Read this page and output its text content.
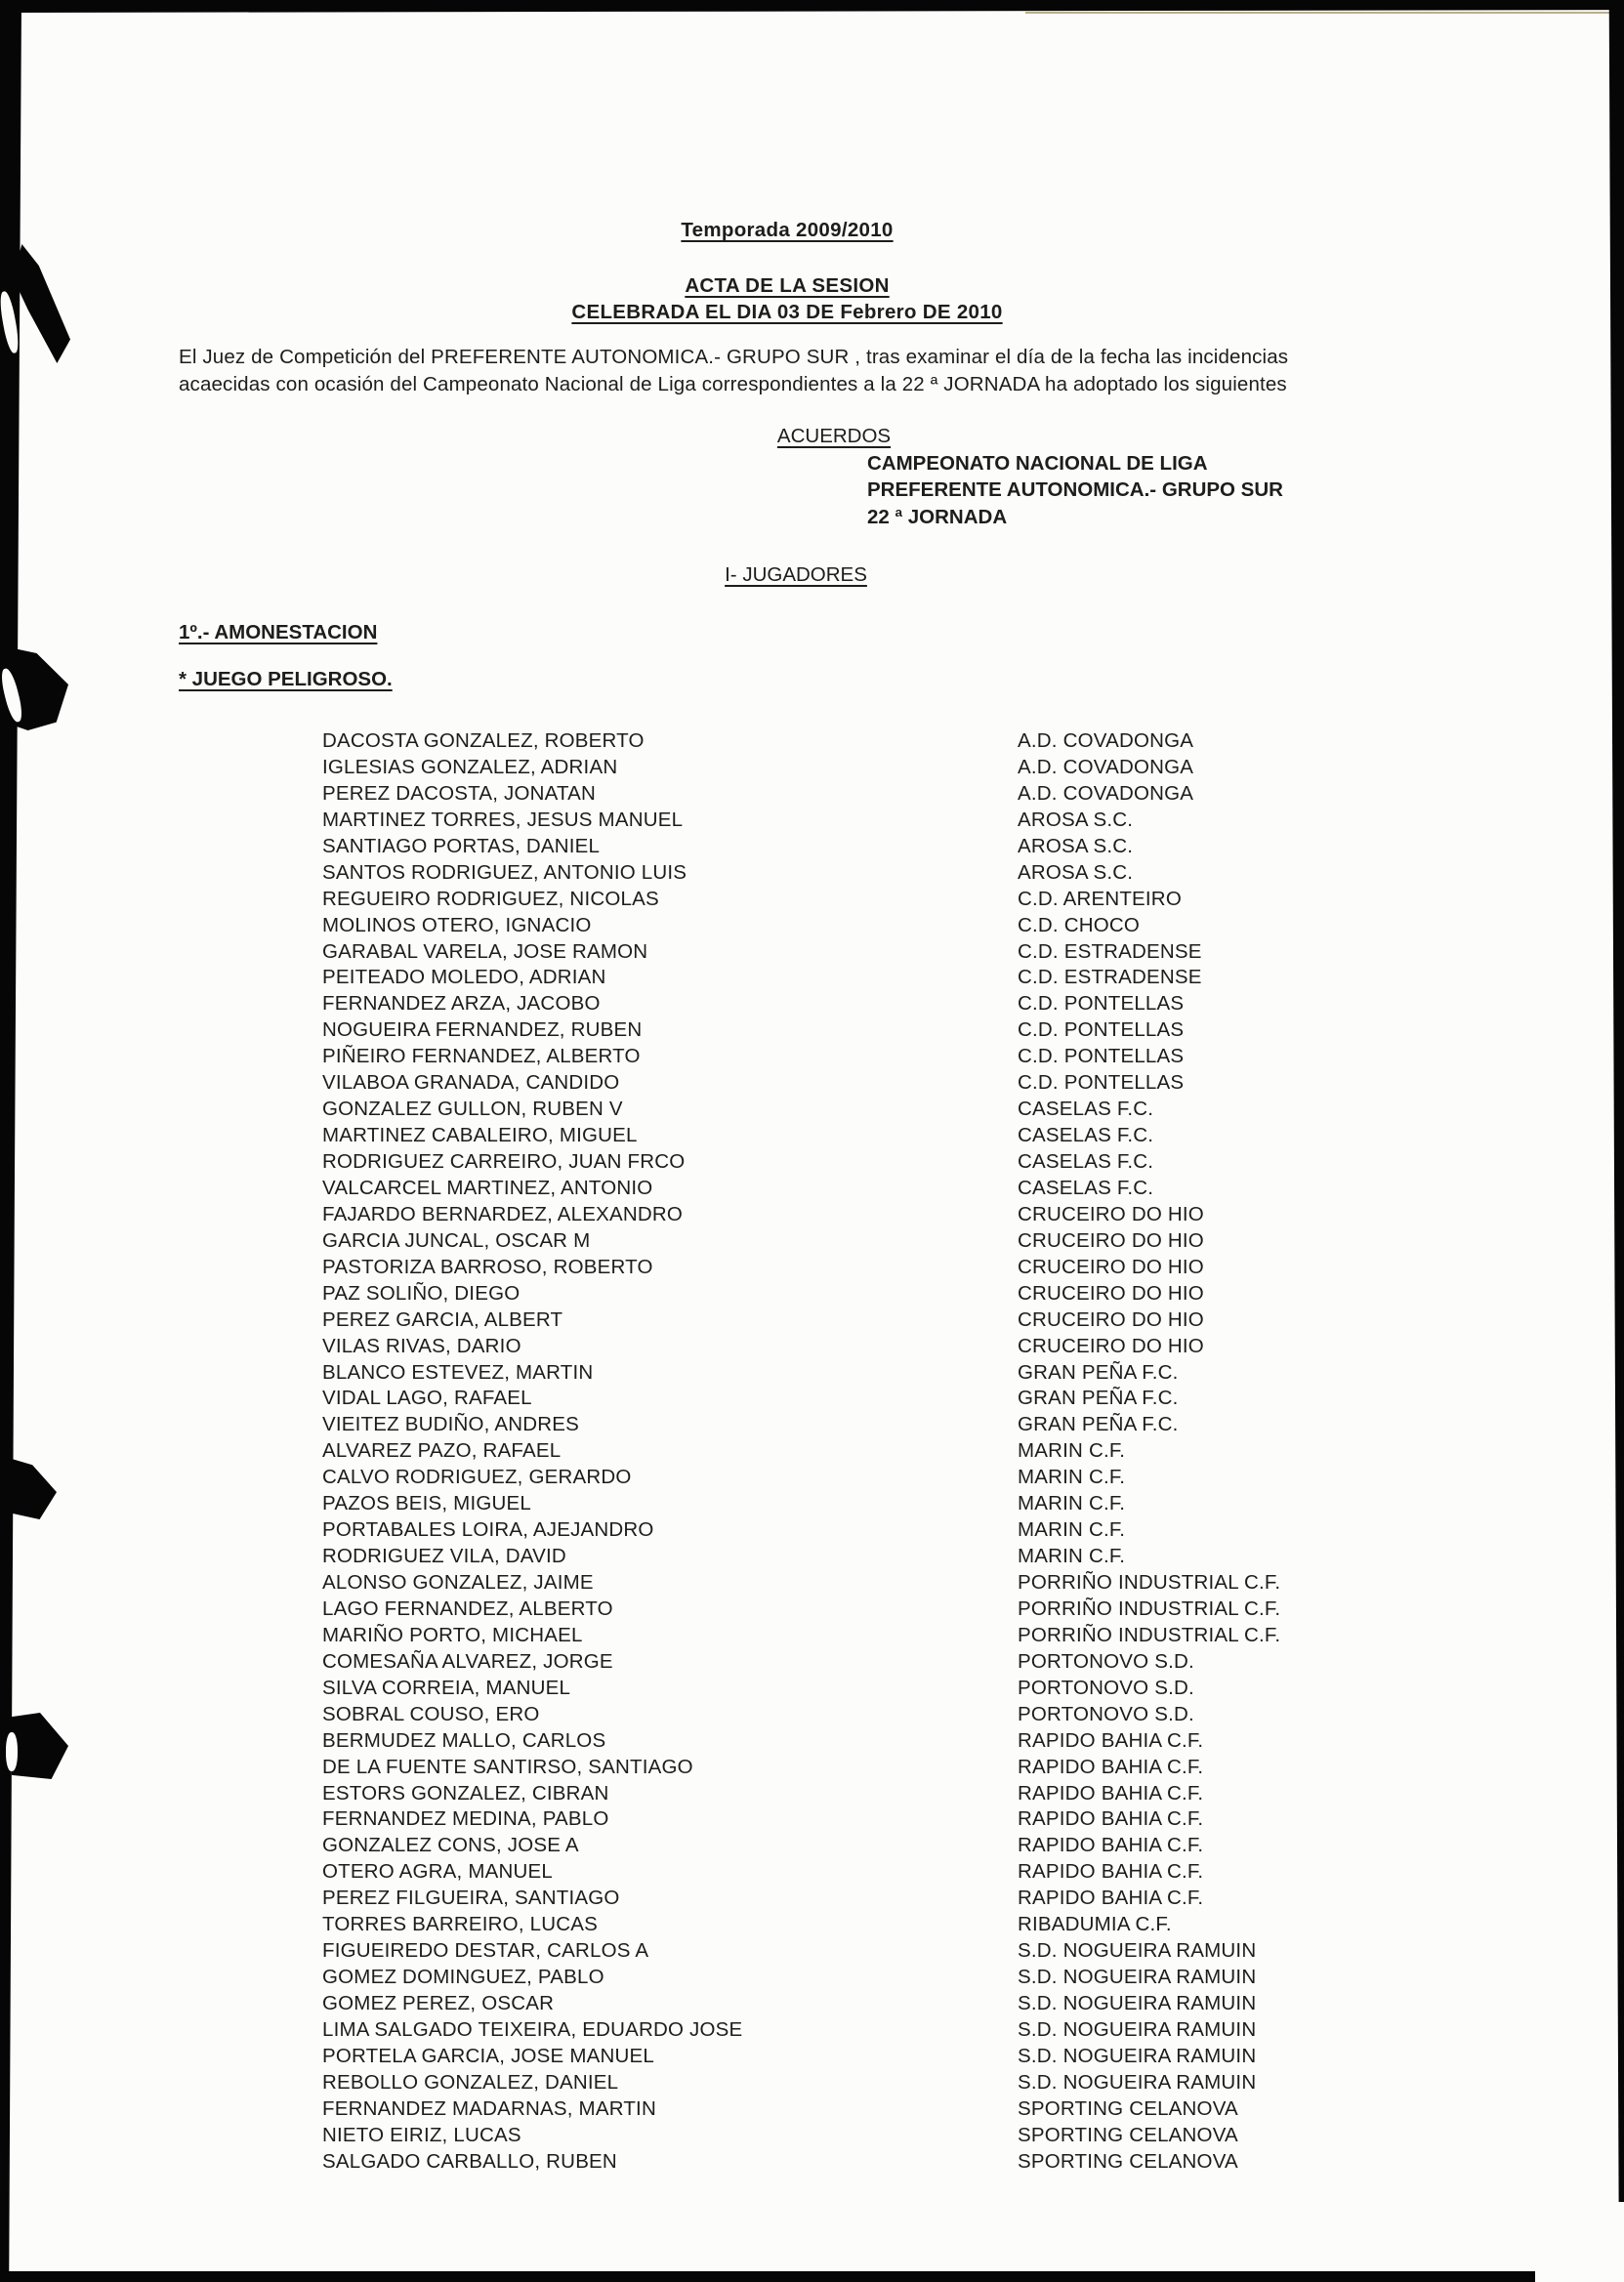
Temporada 2009/2010
ACTA DE LA SESION
CELEBRADA EL DIA 03 DE Febrero DE 2010
El Juez de Competición del PREFERENTE AUTONOMICA.- GRUPO SUR , tras examinar el día de la fecha las incidencias
acaecidas con ocasión del Campeonato Nacional de Liga correspondientes a la 22 ª JORNADA ha adoptado los siguientes
ACUERDOS
CAMPEONATO NACIONAL DE LIGA
PREFERENTE AUTONOMICA.- GRUPO SUR
22 ª JORNADA
I- JUGADORES
1º.- AMONESTACION
* JUEGO PELIGROSO.
DACOSTA GONZALEZ, ROBERTO	A.D. COVADONGA
IGLESIAS GONZALEZ, ADRIAN	A.D. COVADONGA
PEREZ DACOSTA, JONATAN	A.D. COVADONGA
MARTINEZ TORRES, JESUS MANUEL	AROSA S.C.
SANTIAGO PORTAS, DANIEL	AROSA S.C.
SANTOS RODRIGUEZ, ANTONIO LUIS	AROSA S.C.
REGUEIRO RODRIGUEZ, NICOLAS	C.D. ARENTEIRO
MOLINOS OTERO, IGNACIO	C.D. CHOCO
GARABAL VARELA, JOSE RAMON	C.D. ESTRADENSE
PEITEADO MOLEDO, ADRIAN	C.D. ESTRADENSE
FERNANDEZ ARZA, JACOBO	C.D. PONTELLAS
NOGUEIRA FERNANDEZ, RUBEN	C.D. PONTELLAS
PIÑEIRO FERNANDEZ, ALBERTO	C.D. PONTELLAS
VILABOA GRANADA, CANDIDO	C.D. PONTELLAS
GONZALEZ GULLON, RUBEN V	CASELAS F.C.
MARTINEZ CABALEIRO, MIGUEL	CASELAS F.C.
RODRIGUEZ CARREIRO, JUAN FRCO	CASELAS F.C.
VALCARCEL MARTINEZ, ANTONIO	CASELAS F.C.
FAJARDO BERNARDEZ, ALEXANDRO	CRUCEIRO DO HIO
GARCIA JUNCAL, OSCAR M	CRUCEIRO DO HIO
PASTORIZA BARROSO, ROBERTO	CRUCEIRO DO HIO
PAZ SOLIÑO, DIEGO	CRUCEIRO DO HIO
PEREZ GARCIA, ALBERT	CRUCEIRO DO HIO
VILAS RIVAS, DARIO	CRUCEIRO DO HIO
BLANCO ESTEVEZ, MARTIN	GRAN PEÑA F.C.
VIDAL LAGO, RAFAEL	GRAN PEÑA F.C.
VIEITEZ BUDIÑO, ANDRES	GRAN PEÑA F.C.
ALVAREZ PAZO, RAFAEL	MARIN C.F.
CALVO RODRIGUEZ, GERARDO	MARIN C.F.
PAZOS BEIS, MIGUEL	MARIN C.F.
PORTABALES LOIRA, AJEJANDRO	MARIN C.F.
RODRIGUEZ VILA, DAVID	MARIN C.F.
ALONSO GONZALEZ, JAIME	PORRIÑO INDUSTRIAL C.F.
LAGO FERNANDEZ, ALBERTO	PORRIÑO INDUSTRIAL C.F.
MARIÑO PORTO, MICHAEL	PORRIÑO INDUSTRIAL C.F.
COMESAÑA ALVAREZ, JORGE	PORTONOVO S.D.
SILVA CORREIA, MANUEL	PORTONOVO S.D.
SOBRAL COUSO, ERO	PORTONOVO S.D.
BERMUDEZ MALLO, CARLOS	RAPIDO BAHIA C.F.
DE LA FUENTE SANTIRSO, SANTIAGO	RAPIDO BAHIA C.F.
ESTORS GONZALEZ, CIBRAN	RAPIDO BAHIA C.F.
FERNANDEZ MEDINA, PABLO	RAPIDO BAHIA C.F.
GONZALEZ CONS, JOSE A	RAPIDO BAHIA C.F.
OTERO AGRA, MANUEL	RAPIDO BAHIA C.F.
PEREZ FILGUEIRA, SANTIAGO	RAPIDO BAHIA C.F.
TORRES BARREIRO, LUCAS	RIBADUMIA C.F.
FIGUEIREDO DESTAR, CARLOS A	S.D. NOGUEIRA RAMUIN
GOMEZ DOMINGUEZ, PABLO	S.D. NOGUEIRA RAMUIN
GOMEZ PEREZ, OSCAR	S.D. NOGUEIRA RAMUIN
LIMA SALGADO TEIXEIRA, EDUARDO JOSE	S.D. NOGUEIRA RAMUIN
PORTELA GARCIA, JOSE MANUEL	S.D. NOGUEIRA RAMUIN
REBOLLO GONZALEZ, DANIEL	S.D. NOGUEIRA RAMUIN
FERNANDEZ MADARNAS, MARTIN	SPORTING CELANOVA
NIETO EIRIZ, LUCAS	SPORTING CELANOVA
SALGADO CARBALLO, RUBEN	SPORTING CELANOVA
